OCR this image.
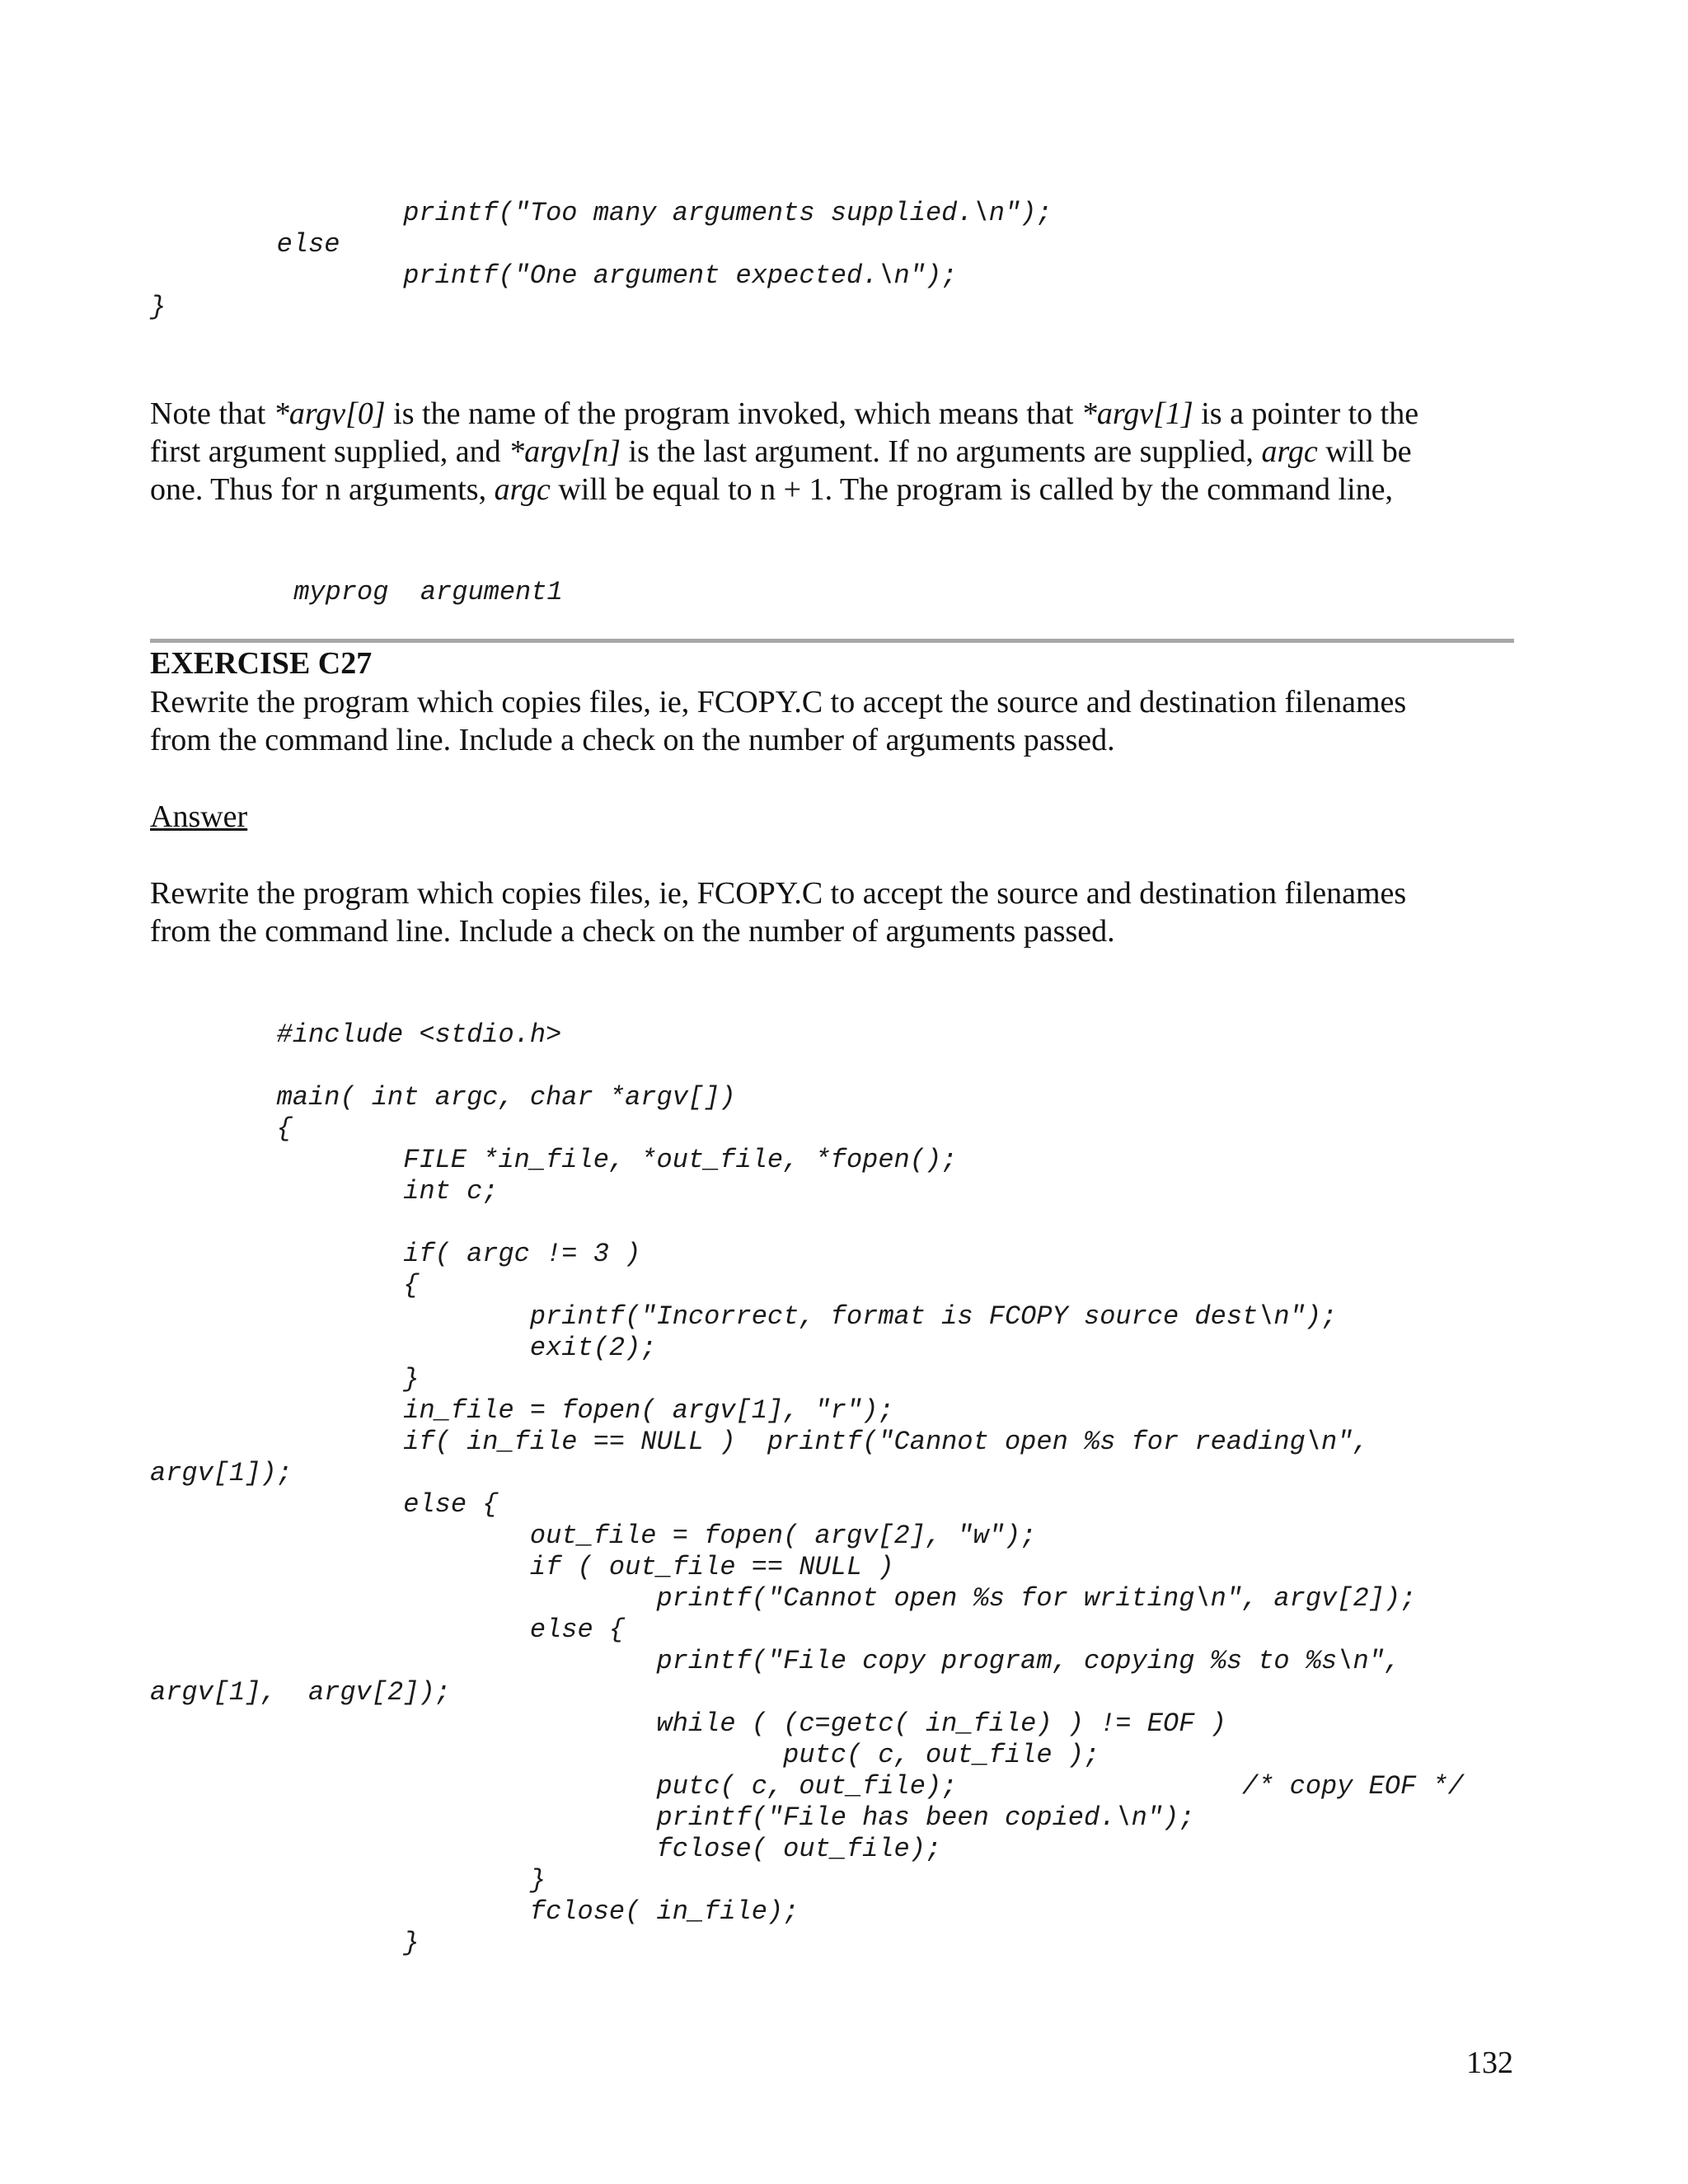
printf("Too many arguments supplied.\n");
else
printf("One argument expected.\n");
}
Note that *argv[0] is the name of the program invoked, which means that *argv[1] is a pointer to the
first argument supplied, and *argv[n] is the last argument. If no arguments are supplied, argc will be
one. Thus for n arguments, argc will be equal to n + 1. The program is called by the command line,
myprog  argument1
EXERCISE C27
Rewrite the program which copies files, ie, FCOPY.C to accept the source and destination filenames
from the command line. Include a check on the number of arguments passed.
Answer
Rewrite the program which copies files, ie, FCOPY.C to accept the source and destination filenames
from the command line. Include a check on the number of arguments passed.
#include <stdio.h>

main( int argc, char *argv[])
{
FILE *in_file, *out_file, *fopen();
int c;

if( argc != 3 )
{
printf("Incorrect, format is FCOPY source dest\n");
exit(2);
}
in_file = fopen( argv[1], "r");
if( in_file == NULL )  printf("Cannot open %s for reading\n",
argv[1]);
else {
out_file = fopen( argv[2], "w");
if ( out_file == NULL )
printf("Cannot open %s for writing\n", argv[2]);
else {
printf("File copy program, copying %s to %s\n",
argv[1],  argv[2]);
while ( (c=getc( in_file) ) != EOF )
putc( c, out_file );
putc( c, out_file);                  /* copy EOF */
printf("File has been copied.\n");
fclose( out_file);
}
fclose( in_file);
}
132
